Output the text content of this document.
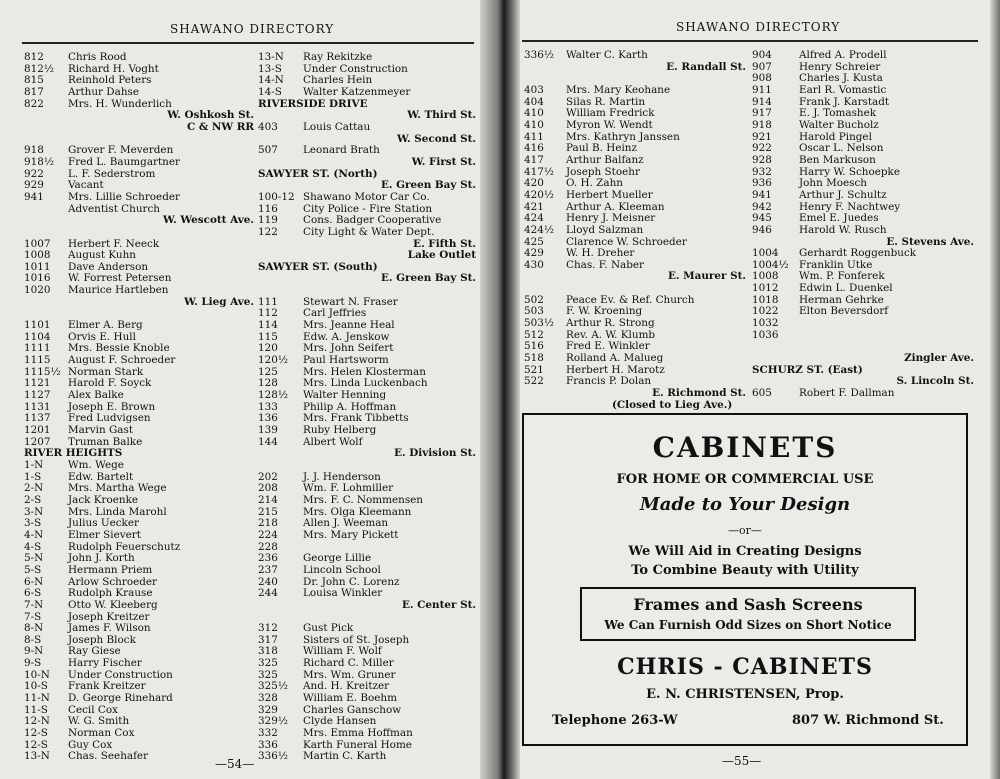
SHAWANO DIRECTORY
812 Chris Rood
812½ Richard H. Voght
815 Reinhold Peters
817 Arthur Dahse
822 Mrs. H. Wunderlich
W. Oshkosh St.
C & NW RR
918 Grover F. Meverden
918½ Fred L. Baumgartner
922 L. F. Sederstrom
929 Vacant
941 Mrs. Lillie Schroeder
Adventist Church
W. Wescott Ave.
1007 Herbert F. Neeck
1008 August Kuhn
1011 Dave Anderson
1016 W. Forrest Petersen
1020 Maurice Hartleben
W. Lieg Ave.
1101 Elmer A. Berg
1104 Orvis E. Hull
1111 Mrs. Bessie Knoble
1115 August F. Schroeder
1115½ Norman Stark
1121 Harold F. Soyck
1127 Alex Balke
1131 Joseph E. Brown
1137 Fred Ludvigsen
1201 Marvin Gast
1207 Truman Balke
RIVER HEIGHTS
1-N Wm. Wege
1-S	Edw. Bartelt
2-N Mrs. Martha Wege
2-S	Jack Kroenke
3-N Mrs. Linda Marohl
3-S	Julius Uecker
4-N Elmer Sievert
4-S	Rudolph Feuerschutz
5-N John J. Korth
5-S	Hermann Priem
6-N Arlow Schroeder
6-S	Rudolph Krause
7-N Otto W. Kleeberg
7-S	Joseph Kreitzer
8-N James F. Wilson
8-S	Joseph Block
9-N Ray Giese
9-S	Harry Fischer
10-N Under Construction
10-S Frank Kreitzer
11-N D. George Rinehard
11-S Cecil Cox
12-N W. G. Smith
12-S Norman Cox
12-S Guy Cox
13-N Chas. Seehafer
13-N Ray Rekitzke
13-S Under Construction
14-N Charles Hein
14-S Walter Katzenmeyer
RIVERSIDE DRIVE
W. Third St.
403 Louis Cattau
W. Second St.
507 Leonard Brath
W. First St.
SAWYER ST. (North)
E. Green Bay St.
100-12 Shawano Motor Car Co.
116 City Police - Fire Station
119 Cons. Badger Cooperative
122 City Light & Water Dept.
E. Fifth St.
Lake Outlet
SAWYER ST. (South)
E. Green Bay St.
111 Stewart N. Fraser
112 Carl Jeffries
114 Mrs. Jeanne Heal
115 Edw. A. Jenskow
120 Mrs. John Seifert
120½ Paul Hartsworm
125 Mrs. Helen Klosterman
128 Mrs. Linda Luckenbach
128½ Walter Henning
133 Philip A. Hoffman
136 Mrs. Frank Tibbetts
139 Ruby Helberg
144 Albert Wolf
E. Division St.
202 J. J. Henderson
208 Wm. F. Lohmiller
214 Mrs. F. C. Nommensen
215 Mrs. Olga Kleemann
218 Allen J. Weeman
224 Mrs. Mary Pickett
228
236 George Lillie
237 Lincoln School
240 Dr. John C. Lorenz
244 Louisa Winkler
E. Center St.
312 Gust Pick
317 Sisters of St. Joseph
318 William F. Wolf
325 Richard C. Miller
325 Mrs. Wm. Gruner
325½ And. H. Kreitzer
328 William E. Boehm
329 Charles Ganschow
329½ Clyde Hansen
332 Mrs. Emma Hoffman
336 Karth Funeral Home
336½ Martin C. Karth
—54—
SHAWANO DIRECTORY
336½ Walter C. Karth
E. Randall St.
403 Mrs. Mary Keohane
404 Silas R. Martin
410 William Fredrick
410 Myron W. Wendt
411 Mrs. Kathryn Janssen
416 Paul B. Heinz
417 Arthur Balfanz
417½ Joseph Stoehr
420 O. H. Zahn
420½ Herbert Mueller
421 Arthur A. Kleeman
424 Henry J. Meisner
424½ Lloyd Salzman
425 Clarence W. Schroeder
429 W. H. Dreher
430 Chas. F. Naber
E. Maurer St.
502 Peace Ev. & Ref. Church
503 F. W. Kroening
503½ Arthur R. Strong
512 Rev. A. W. Klumb
516 Fred E. Winkler
518 Rolland A. Malueg
521 Herbert H. Marotz
522 Francis P. Dolan
E. Richmond St.
(Closed to Lieg Ave.)
904	Alfred A. Prodell
907	Henry Schreier
908	Charles J. Kusta
911	Earl R. Vomastic
914	Frank J. Karstadt
917	E. J. Tomashek
918	Walter Bucholz
921	Harold Pingel
922	Oscar L. Nelson
928	Ben Markuson
932	Harry W. Schoepke
936	John Moesch
941	Arthur J. Schultz
942	Henry F. Nachtwey
945	Emel E. Juedes
946	Harold W. Rusch
E. Stevens Ave.
1004 Gerhardt Roggenbuck
1004½ Franklin Utke
1008 Wm. P. Fonferek
1012 Edwin L. Duenkel
1018 Herman Gehrke
1022 Elton Beversdorf
1032
1036
Zingler Ave.
SCHURZ ST. (East)
S. Lincoln St.
605	Robert F. Dallman
CABINETS
FOR HOME OR COMMERCIAL USE
Made to Your Design
—or—
We Will Aid in Creating Designs
To Combine Beauty with Utility
Frames and Sash Screens
We Can Furnish Odd Sizes on Short Notice
CHRIS - CABINETS
E. N. CHRISTENSEN, Prop.
Telephone 263-W	807 W. Richmond St.
—55—
